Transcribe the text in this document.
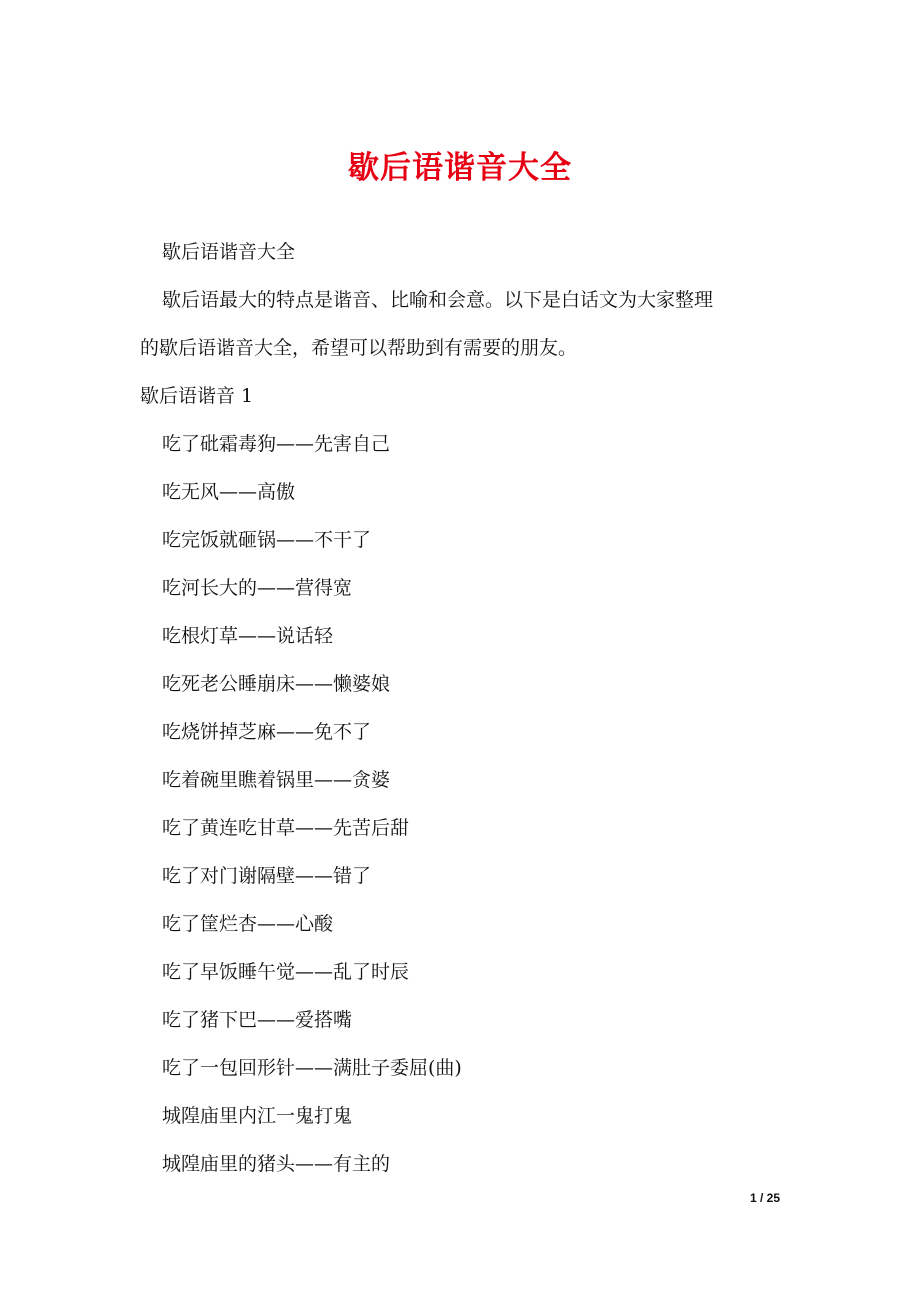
歇后语谐音大全

歇后语谐音大全

歇后语最大的特点是谐音、比喻和会意。以下是白话文为大家整理

的歇后语谐音大全，希望可以帮助到有需要的朋友。

歇后语谐音 1

吃了砒霜毒狗——先害自己

吃无风——高傲

吃完饭就砸锅——不干了

吃河长大的——营得宽

吃根灯草——说话轻

吃死老公睡崩床——懒婆娘

吃烧饼掉芝麻——免不了

吃着碗里瞧着锅里——贪婆

吃了黄连吃甘草——先苦后甜

吃了对门谢隔壁——错了

吃了筐烂杏——心酸

吃了早饭睡午觉——乱了时辰

吃了猪下巴——爱搭嘴

吃了一包回形针——满肚子委屈(曲)

城隍庙里内江一鬼打鬼

城隍庙里的猪头——有主的

1 / 25
